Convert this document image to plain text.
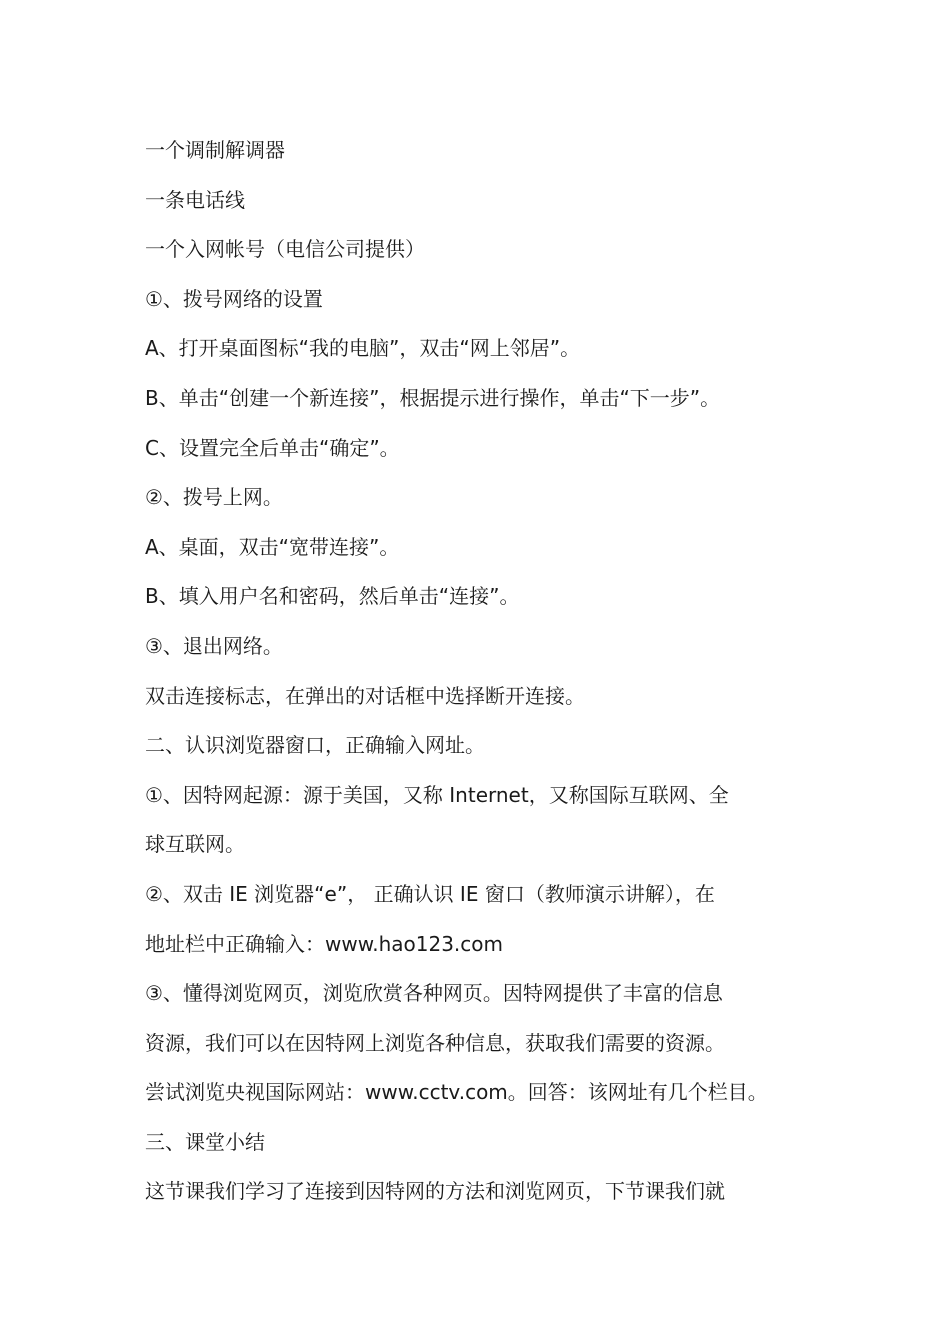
一个调制解调器
一条电话线
一个入网帐号（电信公司提供）
①、拨号网络的设置
A、打开桌面图标“我的电脑”，双击“网上邻居”。
B、单击“创建一个新连接”，根据提示进行操作，单击“下一步”。
C、设置完全后单击“确定”。
②、拨号上网。
A、桌面，双击“宽带连接”。
B、填入用户名和密码，然后单击“连接”。
③、退出网络。
双击连接标志，在弹出的对话框中选择断开连接。
二、认识浏览器窗口，正确输入网址。
①、因特网起源：源于美国，又称 Internet，又称国际互联网、全
球互联网。
②、双击 IE 浏览器“e”， 正确认识 IE 窗口（教师演示讲解），在
地址栏中正确输入：www.hao123.com
③、懂得浏览网页，浏览欣赏各种网页。因特网提供了丰富的信息
资源，我们可以在因特网上浏览各种信息，获取我们需要的资源。
尝试浏览央视国际网站：www.cctv.com。回答：该网址有几个栏目。
三、课堂小结
这节课我们学习了连接到因特网的方法和浏览网页，下节课我们就
